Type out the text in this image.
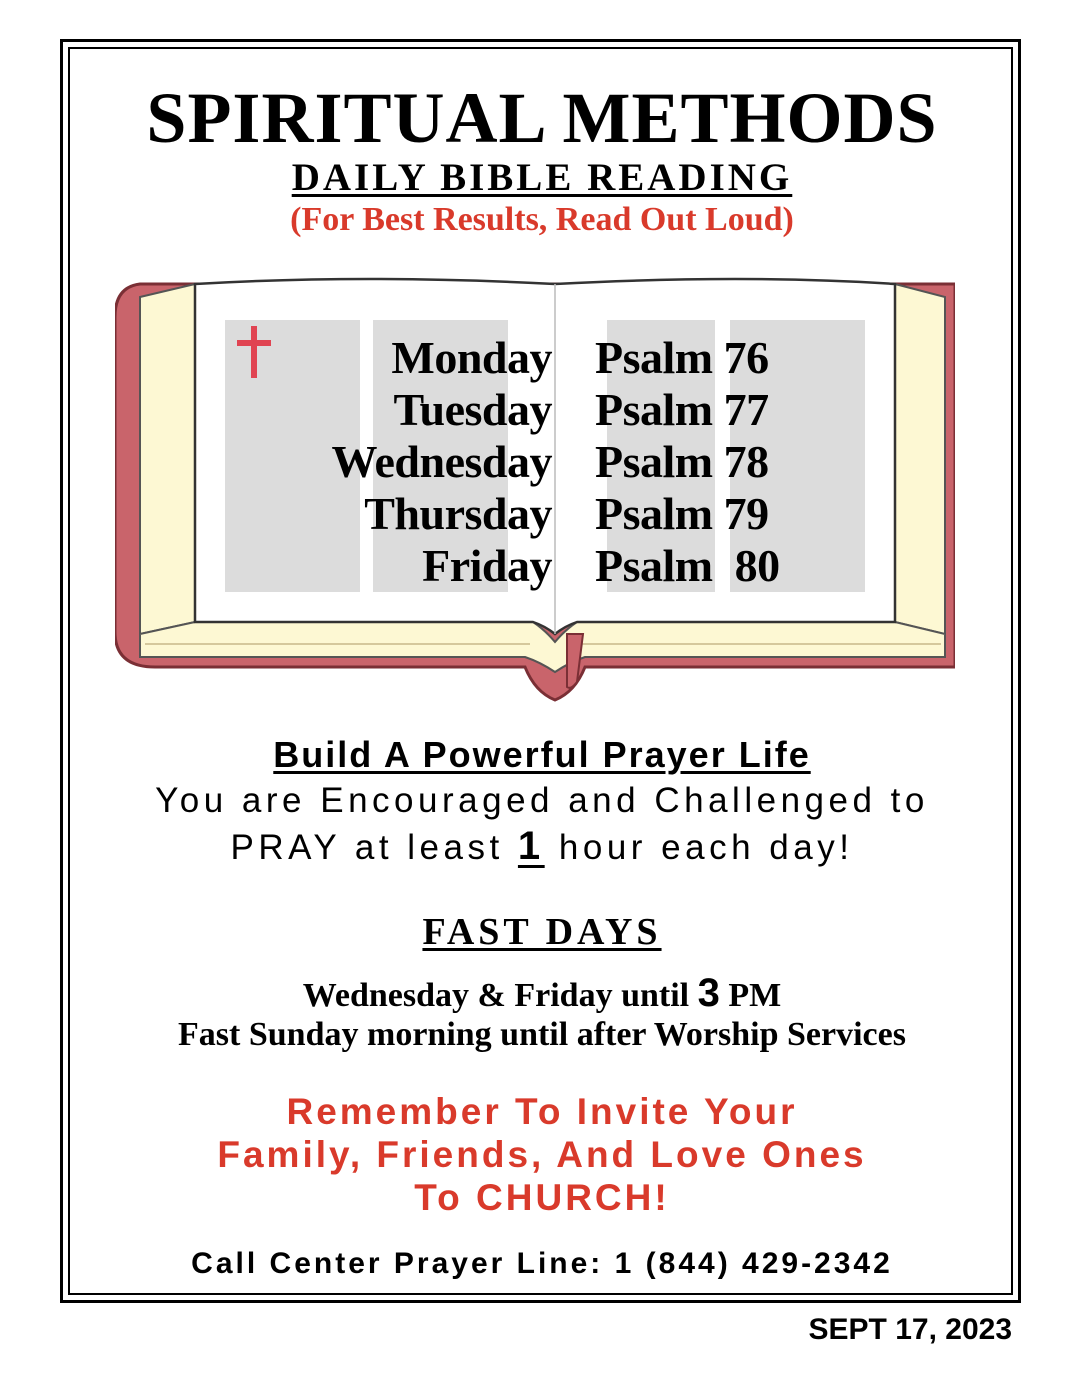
SPIRITUAL METHODS
DAILY BIBLE READING
(For Best Results, Read Out Loud)
Monday Psalm 76
Tuesday Psalm 77
Wednesday Psalm 78
Thursday Psalm 79
Friday Psalm  80
Build A Powerful Prayer Life
You are Encouraged and Challenged to
PRAY at least 1 hour each day!
FAST DAYS
Wednesday & Friday until 3 PM
Fast Sunday morning until after Worship Services
Remember To Invite Your
Family, Friends, And Love Ones
To CHURCH!
Call Center Prayer Line: 1 (844) 429-2342
SEPT 17, 2023
